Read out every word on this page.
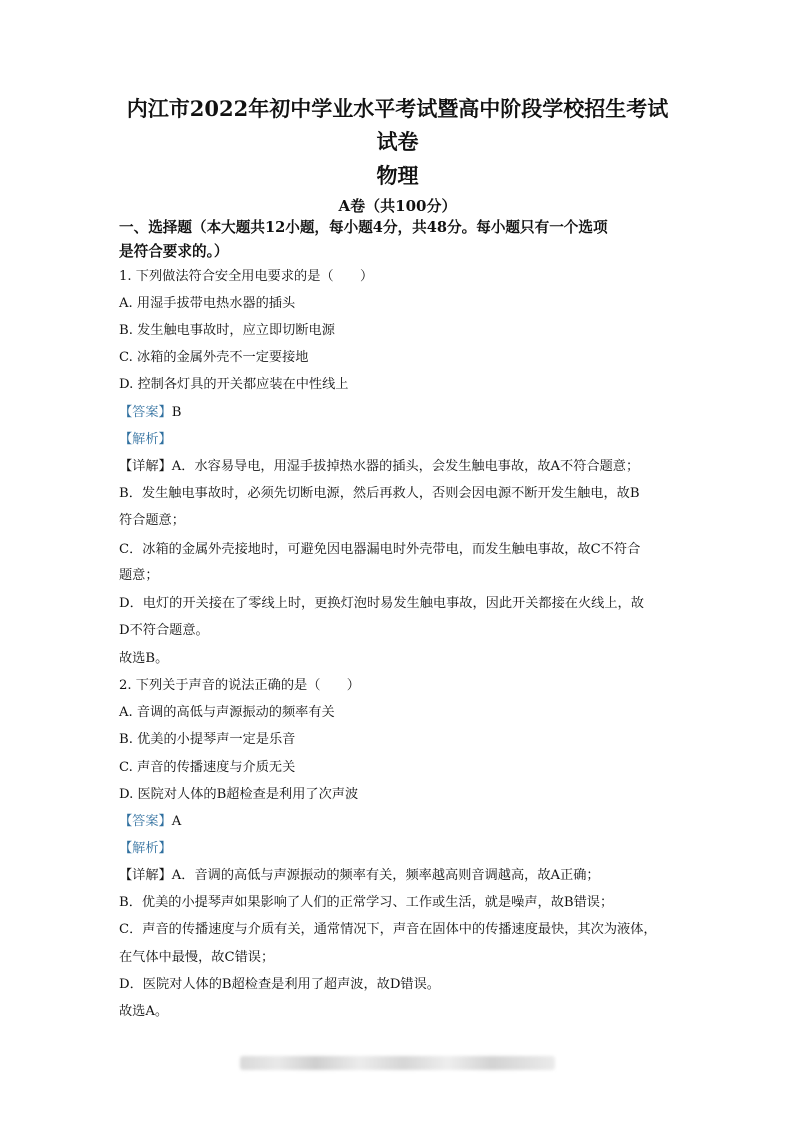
内江市2022年初中学业水平考试暨高中阶段学校招生考试
试卷
物理
A卷（共100分）
一、选择题（本大题共12小题，每小题4分，共48分。每小题只有一个选项
是符合要求的。）
1. 下列做法符合安全用电要求的是（　　）
A. 用湿手拔带电热水器的插头
B. 发生触电事故时，应立即切断电源
C. 冰箱的金属外壳不一定要接地
D. 控制各灯具的开关都应装在中性线上
【答案】B
【解析】
【详解】A．水容易导电，用湿手拔掉热水器的插头，会发生触电事故，故A不符合题意；
B．发生触电事故时，必须先切断电源，然后再救人，否则会因电源不断开发生触电，故B
符合题意；
C．冰箱的金属外壳接地时，可避免因电器漏电时外壳带电，而发生触电事故，故C不符合
题意；
D．电灯的开关接在了零线上时，更换灯泡时易发生触电事故，因此开关都接在火线上，故
D不符合题意。
故选B。
2. 下列关于声音的说法正确的是（　　）
A. 音调的高低与声源振动的频率有关
B. 优美的小提琴声一定是乐音
C. 声音的传播速度与介质无关
D. 医院对人体的B超检查是利用了次声波
【答案】A
【解析】
【详解】A．音调的高低与声源振动的频率有关，频率越高则音调越高，故A正确；
B．优美的小提琴声如果影响了人们的正常学习、工作或生活，就是噪声，故B错误；
C．声音的传播速度与介质有关，通常情况下，声音在固体中的传播速度最快，其次为液体，
在气体中最慢，故C错误；
D．医院对人体的B超检查是利用了超声波，故D错误。
故选A。
